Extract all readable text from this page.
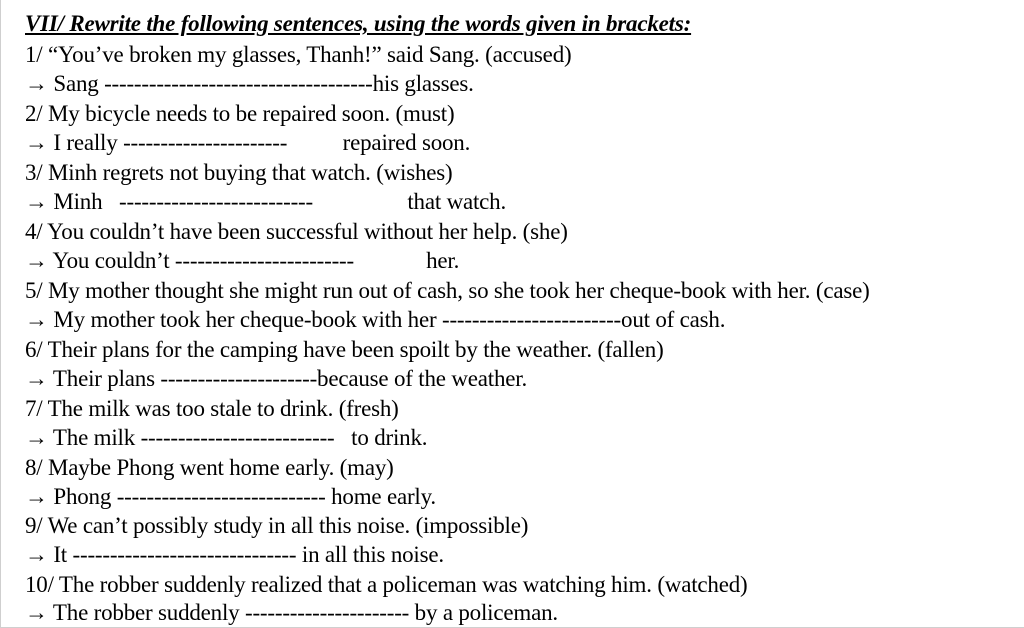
VII/ Rewrite the following sentences, using the words given in brackets:
1/ “You’ve broken my glasses, Thanh!” said Sang. (accused)
→ Sang ------------------------------------his glasses.
2/ My bicycle needs to be repaired soon. (must)
→ I really ----------------------          repaired soon.
3/ Minh regrets not buying that watch. (wishes)
→ Minh   --------------------------                 that watch.
4/ You couldn’t have been successful without her help. (she)
→ You couldn’t ------------------------             her.
5/ My mother thought she might run out of cash, so she took her cheque-book with her. (case)
→ My mother took her cheque-book with her ------------------------out of cash.
6/ Their plans for the camping have been spoilt by the weather. (fallen)
→ Their plans ---------------------because of the weather.
7/ The milk was too stale to drink. (fresh)
→ The milk --------------------------   to drink.
8/ Maybe Phong went home early. (may)
→ Phong ---------------------------- home early.
9/ We can’t possibly study in all this noise. (impossible)
→ It ------------------------------ in all this noise.
10/ The robber suddenly realized that a policeman was watching him. (watched)
→ The robber suddenly ---------------------- by a policeman.
